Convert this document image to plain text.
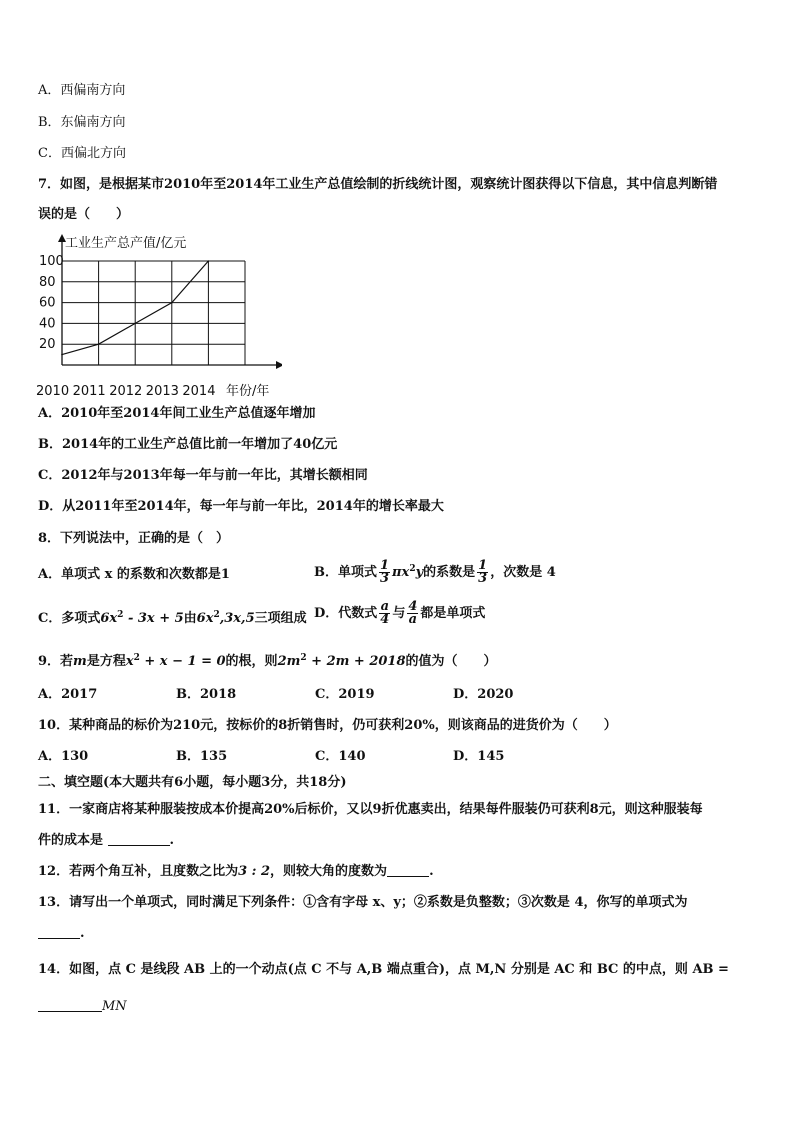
A．西偏南方向
B．东偏南方向
C．西偏北方向
7．如图，是根据某市2010年至2014年工业生产总值绘制的折线统计图，观察统计图获得以下信息，其中信息判断错
误的是（　　）
20
40
60
80
100
2010 2011 2012 2013 2014
工业生产总产值/亿元
年份/年
A．2010年至2014年间工业生产总值逐年增加
B．2014年的工业生产总值比前一年增加了40亿元
C．2012年与2013年每一年与前一年比，其增长额相同
D．从2011年至2014年，每一年与前一年比，2014年的增长率最大
8．下列说法中，正确的是（　）
A．单项式 x 的系数和次数都是1	B．单项式 $\frac{1}{3} \pi x^2y$的系数是 $\frac{1}{3}$ ，次数是 4
C．多项式$6x^2 - 3x + 5$由$6x^2,3x,5$三项组成 D．代数式 $\frac{a}{4}$ 与 $\frac{4}{a}$ 都是单项式
9．若m是方程$x^2 + x - 1 = 0$的根，则$2m^2 + 2m + 2018$的值为（　　）
A．2017	B．2018	C．2019	D．2020
10．某种商品的标价为210元，按标价的8折销售时，仍可获利20%，则该商品的进货价为（　　）
A．130	B．135	C．140	D．145
二、填空题(本大题共有6小题，每小题3分，共18分)
11．一家商店将某种服装按成本价提高20%后标价，又以9折优惠卖出，结果每件服装仍可获利8元，则这种服装每
件的成本是	.
12．若两个角互补，且度数之比为3 : 2，则较大角的度数为	.
13．请写出一个单项式，同时满足下列条件：①含有字母 x、y；②系数是负整数；③次数是 4，你写的单项式为
.
14．如图，点 C 是线段 AB 上的一个动点(点 C 不与 A,B 端点重合)，点 M,N 分别是 AC 和 BC 的中点，则 AB =
MN
